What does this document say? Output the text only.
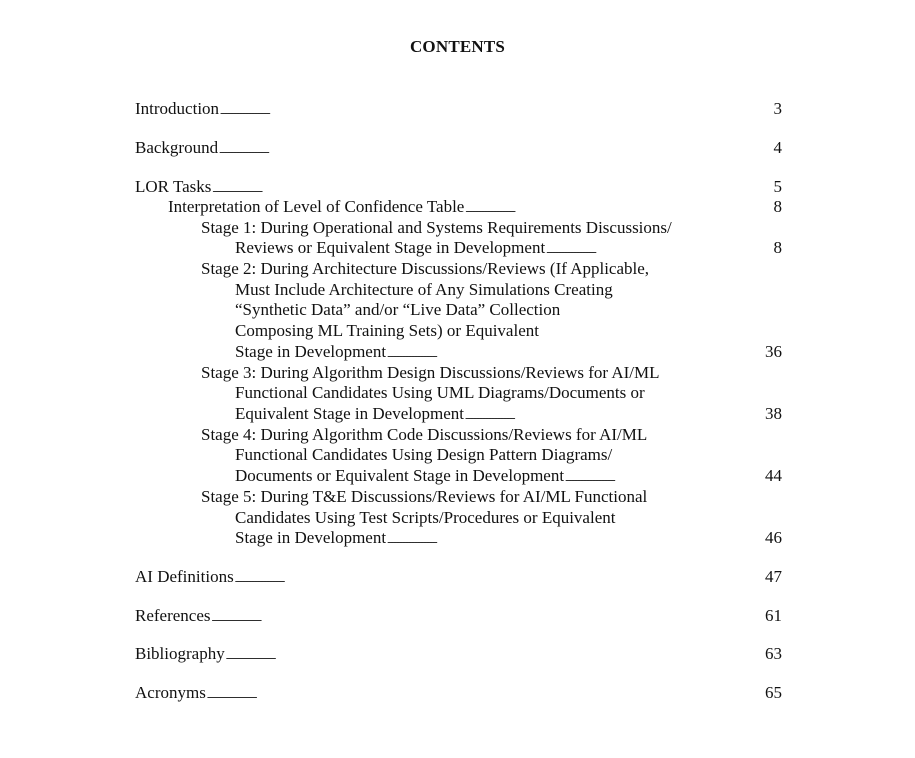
CONTENTS
Introduction . . .	3
Background . . .	4
LOR Tasks . . .	5
Interpretation of Level of Confidence Table . . .	8
Stage 1: During Operational and Systems Requirements Discussions/
Reviews or Equivalent Stage in Development . . .	8
Stage 2: During Architecture Discussions/Reviews (If Applicable,
Must Include Architecture of Any Simulations Creating
“Synthetic Data” and/or “Live Data” Collection
Composing ML Training Sets) or Equivalent
Stage in Development . . .	36
Stage 3: During Algorithm Design Discussions/Reviews for AI/ML
Functional Candidates Using UML Diagrams/Documents or
Equivalent Stage in Development . . .	38
Stage 4: During Algorithm Code Discussions/Reviews for AI/ML
Functional Candidates Using Design Pattern Diagrams/
Documents or Equivalent Stage in Development . . .	44
Stage 5: During T&E Discussions/Reviews for AI/ML Functional
Candidates Using Test Scripts/Procedures or Equivalent
Stage in Development . . .	46
AI Definitions . . .	47
References . . .	61
Bibliography . . .	63
Acronyms . . .	65
